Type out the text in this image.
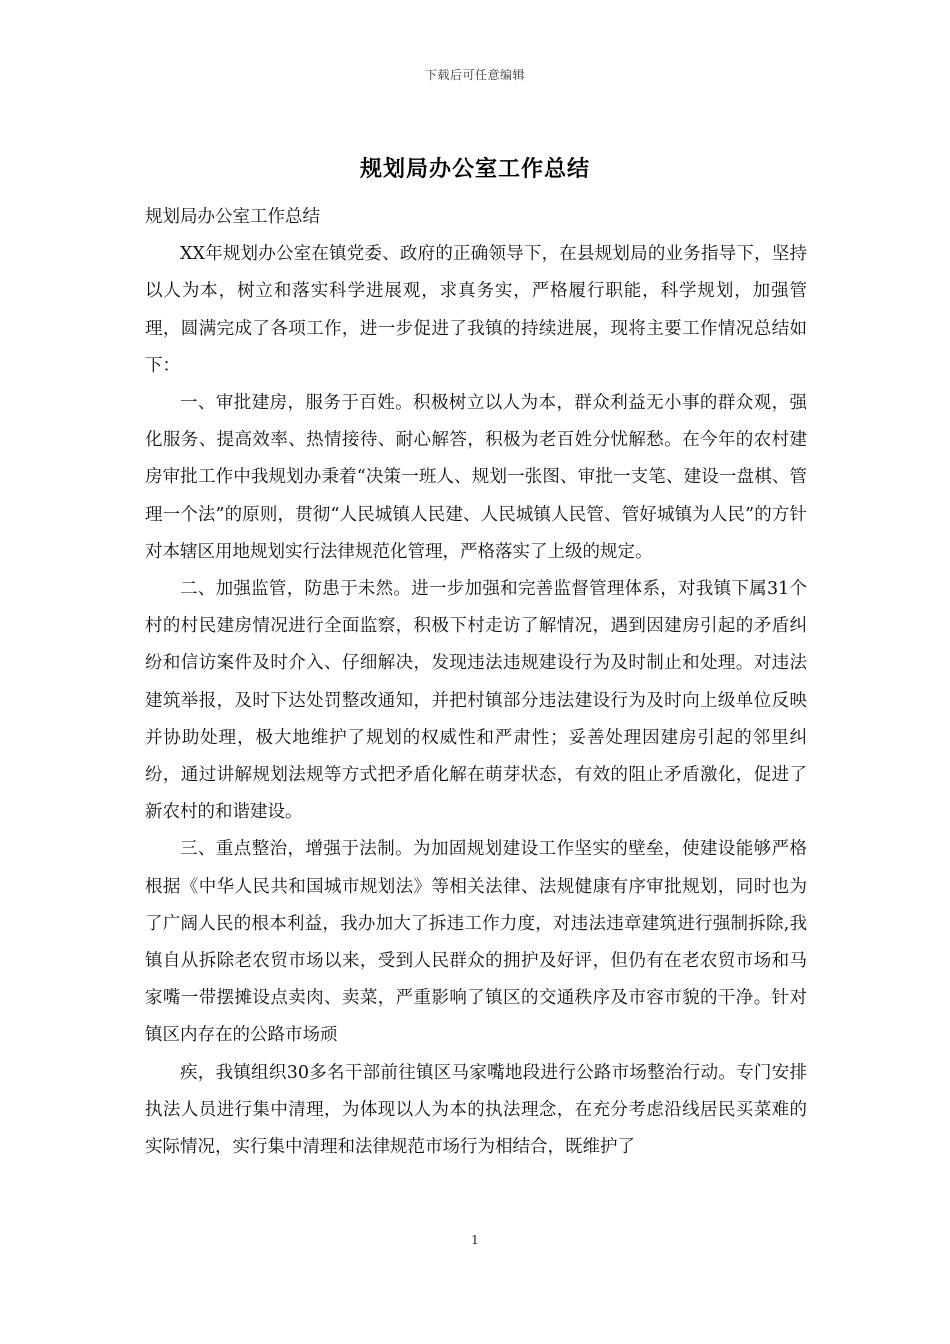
下载后可任意编辑
规划局办公室工作总结

规划局办公室工作总结

XX年规划办公室在镇党委、政府的正确领导下，在县规划局的业务指导下，坚持以人为本，树立和落实科学进展观，求真务实，严格履行职能，科学规划，加强管理，圆满完成了各项工作，进一步促进了我镇的持续进展，现将主要工作情况总结如下：

一、审批建房，服务于百姓。积极树立以人为本，群众利益无小事的群众观，强化服务、提高效率、热情接待、耐心解答，积极为老百姓分忧解愁。在今年的农村建房审批工作中我规划办秉着“决策一班人、规划一张图、审批一支笔、建设一盘棋、管理一个法”的原则，贯彻“人民城镇人民建、人民城镇人民管、管好城镇为人民”的方针对本辖区用地规划实行法律规范化管理，严格落实了上级的规定。

二、加强监管，防患于未然。进一步加强和完善监督管理体系，对我镇下属31个村的村民建房情况进行全面监察，积极下村走访了解情况，遇到因建房引起的矛盾纠纷和信访案件及时介入、仔细解决，发现违法违规建设行为及时制止和处理。对违法建筑举报，及时下达处罚整改通知，并把村镇部分违法建设行为及时向上级单位反映并协助处理，极大地维护了规划的权威性和严肃性；妥善处理因建房引起的邻里纠纷，通过讲解规划法规等方式把矛盾化解在萌芽状态，有效的阻止矛盾激化，促进了新农村的和谐建设。

三、重点整治，增强于法制。为加固规划建设工作坚实的壁垒，使建设能够严格根据《中华人民共和国城市规划法》等相关法律、法规健康有序审批规划，同时也为了广阔人民的根本利益，我办加大了拆违工作力度，对违法违章建筑进行强制拆除,我镇自从拆除老农贸市场以来，受到人民群众的拥护及好评，但仍有在老农贸市场和马家嘴一带摆摊设点卖肉、卖菜，严重影响了镇区的交通秩序及市容市貌的干净。针对镇区内存在的公路市场顽

疾，我镇组织30多名干部前往镇区马家嘴地段进行公路市场整治行动。专门安排执法人员进行集中清理，为体现以人为本的执法理念，在充分考虑沿线居民买菜难的实际情况，实行集中清理和法律规范市场行为相结合，既维护了

1
